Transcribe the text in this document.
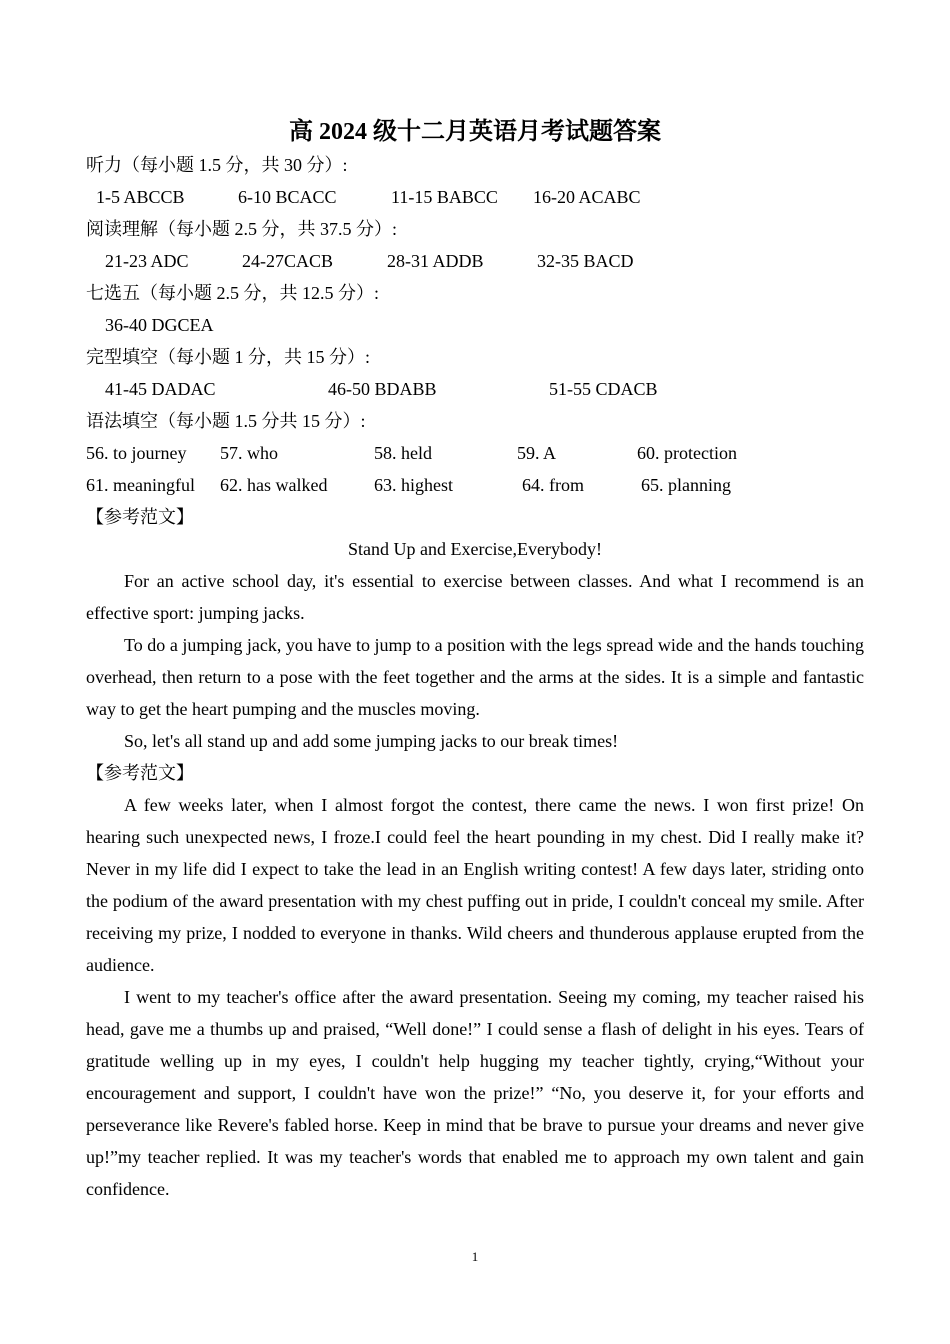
高 2024 级十二月英语月考试题答案
听力（每小题 1.5 分，共 30 分）:
1-5 ABCCB	6-10 BCACC	11-15 BABCC 16-20 ACABC
阅读理解（每小题 2.5 分，共 37.5 分）:
21-23 ADC	24-27CACB	28-31 ADDB	32-35 BACD
七选五（每小题 2.5 分，共 12.5 分）:
36-40 DGCEA
完型填空（每小题 1 分，共 15 分）:
41-45 DADAC	46-50 BDABB	51-55 CDACB
语法填空（每小题 1.5 分共 15 分）:
56. to journey 57. who	58. held	59. A	60. protection
61. meaningful 62. has walked	63. highest	64. from	65. planning
【参考范文】
Stand Up and Exercise,Everybody!

For an active school day, it's essential to exercise between classes. And what I recommend is an effective sport: jumping jacks.

To do a jumping jack, you have to jump to a position with the legs spread wide and the hands touching overhead, then return to a pose with the feet together and the arms at the sides. It is a simple and fantastic way to get the heart pumping and the muscles moving.

So, let's all stand up and add some jumping jacks to our break times!

【参考范文】

A few weeks later, when I almost forgot the contest, there came the news. I won first prize! On hearing such unexpected news, I froze.I could feel the heart pounding in my chest. Did I really make it? Never in my life did I expect to take the lead in an English writing contest! A few days later, striding onto the podium of the award presentation with my chest puffing out in pride, I couldn't conceal my smile. After receiving my prize, I nodded to everyone in thanks. Wild cheers and thunderous applause erupted from the audience.

I went to my teacher's office after the award presentation. Seeing my coming, my teacher raised his head, gave me a thumbs up and praised, “Well done!” I could sense a flash of delight in his eyes. Tears of gratitude welling up in my eyes, I couldn't help hugging my teacher tightly, crying,“Without your encouragement and support, I couldn't have won the prize!” “No, you deserve it, for your efforts and perseverance like Revere's fabled horse. Keep in mind that be brave to pursue your dreams and never give up!”my teacher replied. It was my teacher's words that enabled me to approach my own talent and gain confidence.

1
